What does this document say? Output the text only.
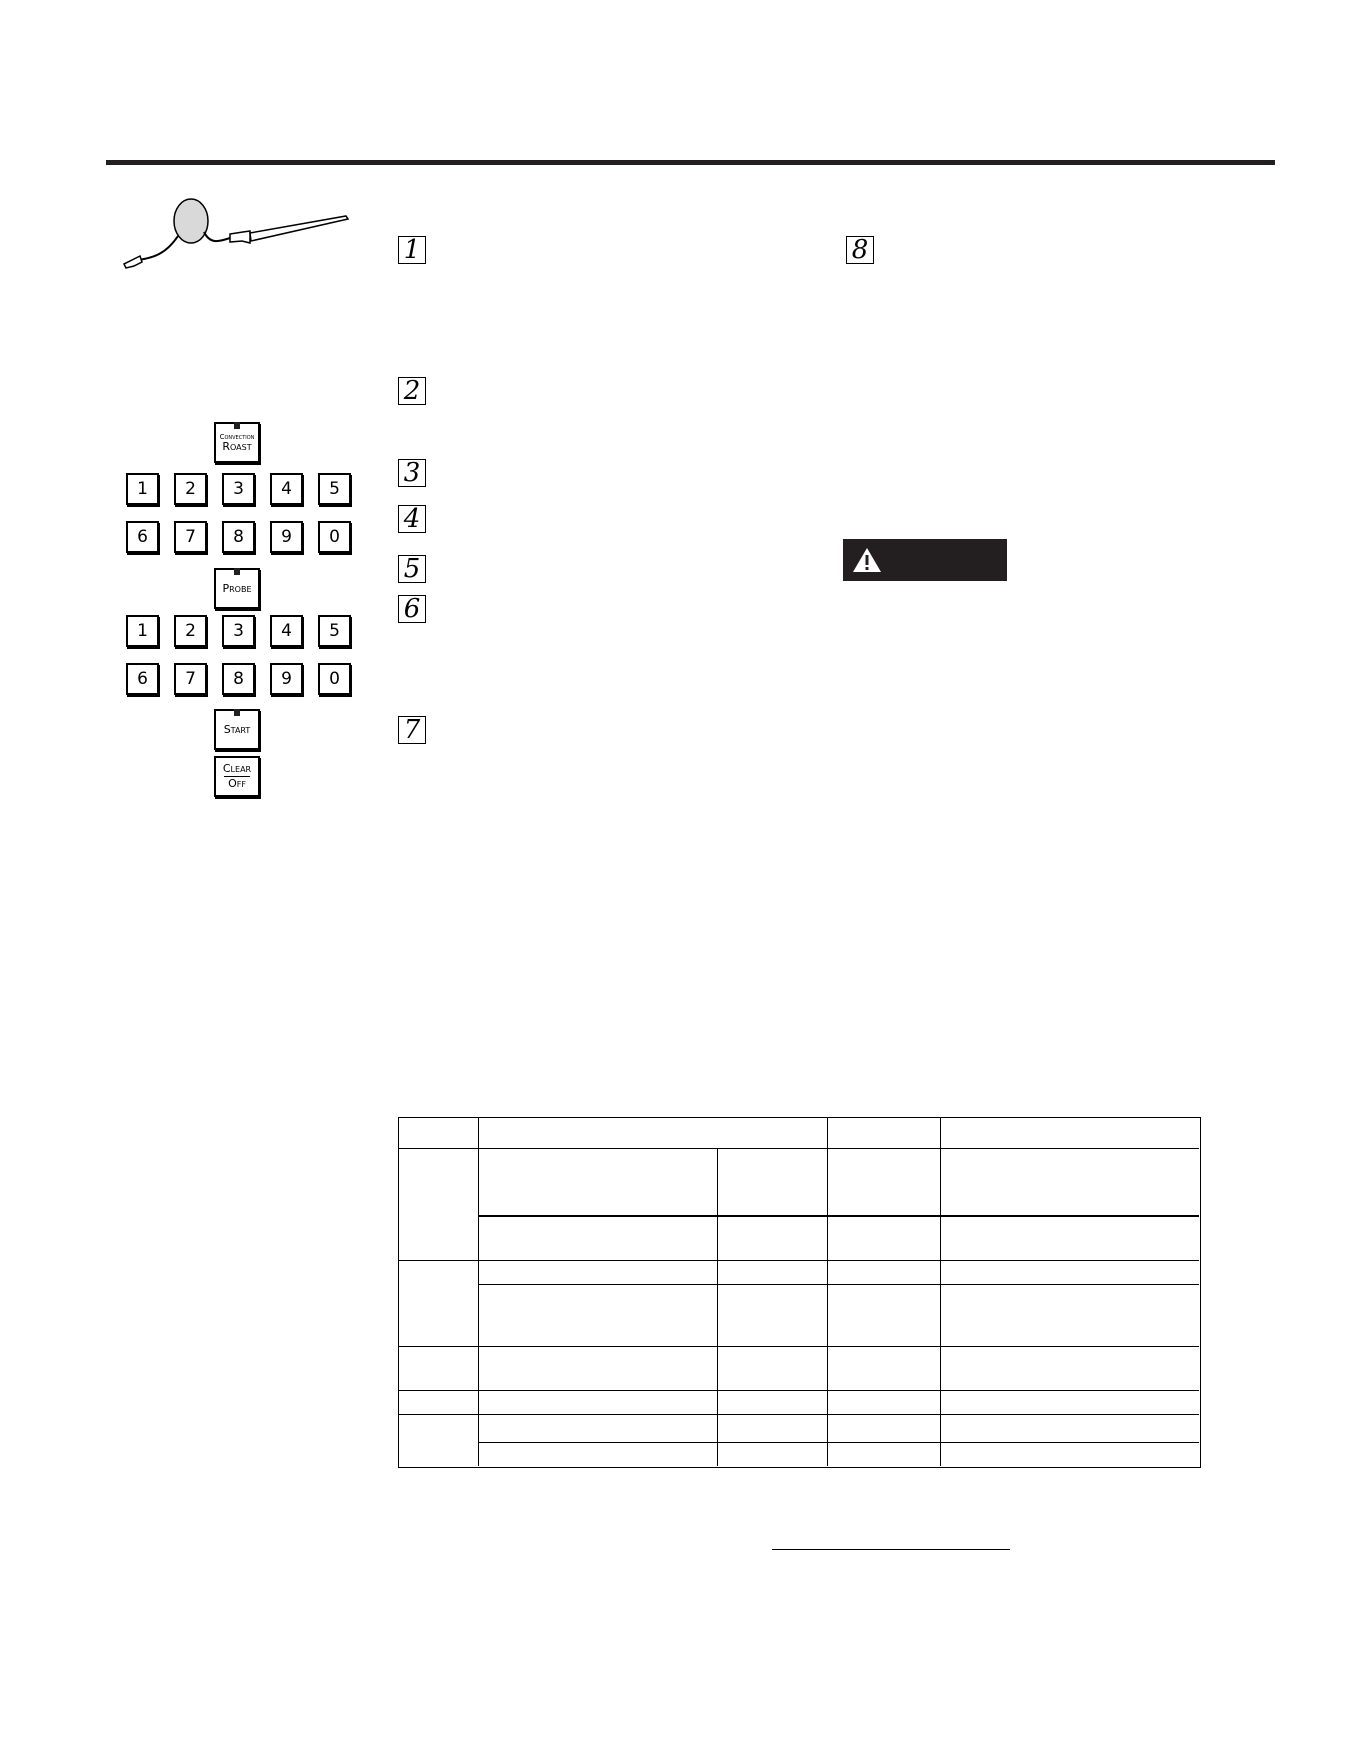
Convection
Roast
1	2	3	4	5
6	7	8	9	0
Probe
1	2	3	4	5
6	7	8	9	0
Start
Clear
Off
1
2
3
4
5
6
7
8
